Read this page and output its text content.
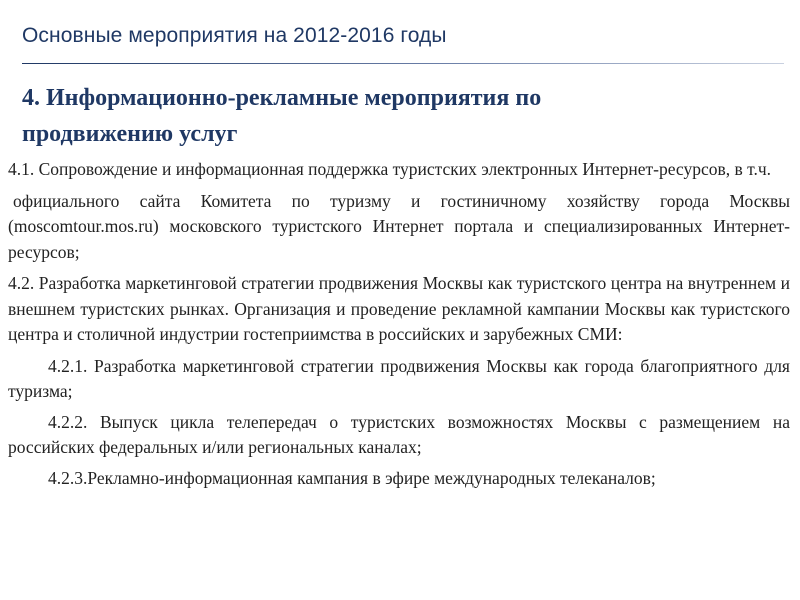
Основные мероприятия на 2012-2016 годы
4. Информационно-рекламные мероприятия по
продвижению услуг

4.1. Сопровождение и информационная поддержка туристских электронных Интернет-ресурсов, в т.ч.

официального сайта Комитета по туризму и гостиничному хозяйству города Москвы (moscomtour.mos.ru) московского туристского Интернет портала и специализированных Интернет-ресурсов;

4.2. Разработка маркетинговой стратегии продвижения Москвы как туристского центра на внутреннем и внешнем туристских рынках. Организация и проведение рекламной кампании Москвы как туристского центра и столичной индустрии гостеприимства в российских и зарубежных СМИ:

4.2.1. Разработка маркетинговой стратегии продвижения Москвы как города благоприятного для туризма;

4.2.2. Выпуск цикла телепередач о туристских возможностях Москвы с размещением на российских федеральных и/или региональных каналах;

4.2.3.Рекламно-информационная кампания в эфире международных телеканалов;
